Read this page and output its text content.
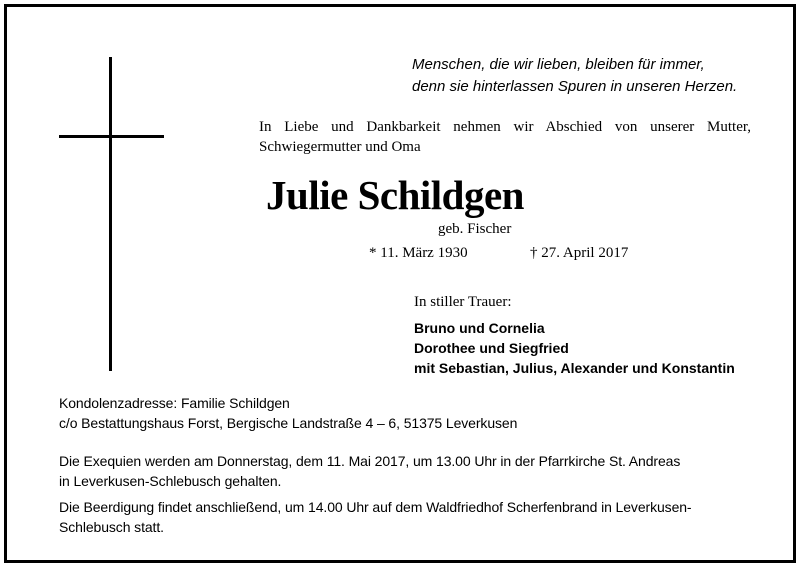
Menschen, die wir lieben, bleiben für immer,
denn sie hinterlassen Spuren in unseren Herzen.
In Liebe und Dankbarkeit nehmen wir Abschied von unserer Mutter, Schwiegermutter und Oma
Julie Schildgen
geb. Fischer
* 11. März 1930	† 27. April 2017
In stiller Trauer:
Bruno und Cornelia
Dorothee und Siegfried
mit Sebastian, Julius, Alexander und Konstantin
Kondolenzadresse: Familie Schildgen
c/o Bestattungshaus Forst, Bergische Landstraße 4 – 6, 51375 Leverkusen
Die Exequien werden am Donnerstag, dem 11. Mai 2017, um 13.00 Uhr in der Pfarrkirche St. Andreas
in Leverkusen-Schlebusch gehalten.
Die Beerdigung findet anschließend, um 14.00 Uhr auf dem Waldfriedhof Scherfenbrand in Leverkusen-
Schlebusch statt.
